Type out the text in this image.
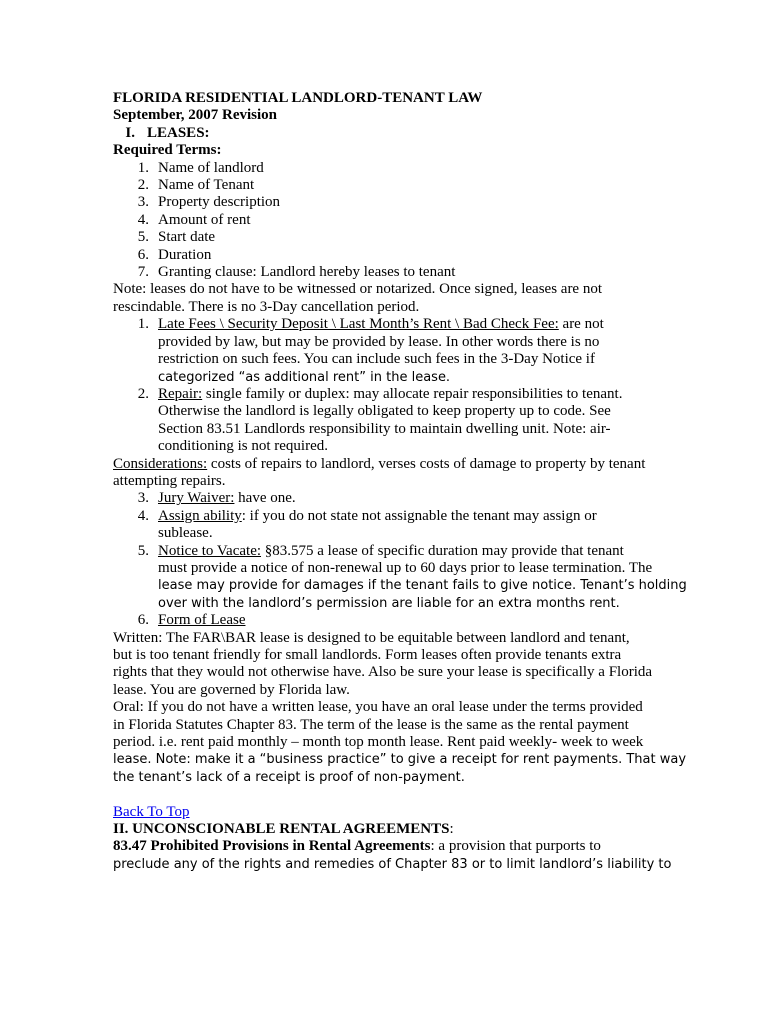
FLORIDA RESIDENTIAL LANDLORD-TENANT LAW
September, 2007 Revision
I. LEASES:
Required Terms:
1. Name of landlord
2. Name of Tenant
3. Property description
4. Amount of rent
5. Start date
6. Duration
7. Granting clause: Landlord hereby leases to tenant
Note: leases do not have to be witnessed or notarized. Once signed, leases are not
rescindable. There is no 3-Day cancellation period.
1. Late Fees \ Security Deposit \ Last Month’s Rent \ Bad Check Fee: are not
provided by law, but may be provided by lease. In other words there is no
restriction on such fees. You can include such fees in the 3-Day Notice if
categorized “as additional rent” in the lease.
2. Repair: single family or duplex: may allocate repair responsibilities to tenant.
Otherwise the landlord is legally obligated to keep property up to code. See
Section 83.51 Landlords responsibility to maintain dwelling unit. Note: air-
conditioning is not required.
Considerations: costs of repairs to landlord, verses costs of damage to property by tenant
attempting repairs.
3. Jury Waiver: have one.
4. Assign ability: if you do not state not assignable the tenant may assign or
sublease.
5. Notice to Vacate: §83.575 a lease of specific duration may provide that tenant
must provide a notice of non-renewal up to 60 days prior to lease termination. The
lease may provide for damages if the tenant fails to give notice. Tenant’s holding
over with the landlord’s permission are liable for an extra months rent.
6. Form of Lease
Written: The FAR\BAR lease is designed to be equitable between landlord and tenant,
but is too tenant friendly for small landlords. Form leases often provide tenants extra
rights that they would not otherwise have. Also be sure your lease is specifically a Florida
lease. You are governed by Florida law.
Oral: If you do not have a written lease, you have an oral lease under the terms provided
in Florida Statutes Chapter 83. The term of the lease is the same as the rental payment
period. i.e. rent paid monthly – month top month lease. Rent paid weekly- week to week
lease. Note: make it a “business practice” to give a receipt for rent payments. That way
the tenant’s lack of a receipt is proof of non-payment.
Back To Top
II. UNCONSCIONABLE RENTAL AGREEMENTS:
83.47 Prohibited Provisions in Rental Agreements: a provision that purports to
preclude any of the rights and remedies of Chapter 83 or to limit landlord’s liability to
